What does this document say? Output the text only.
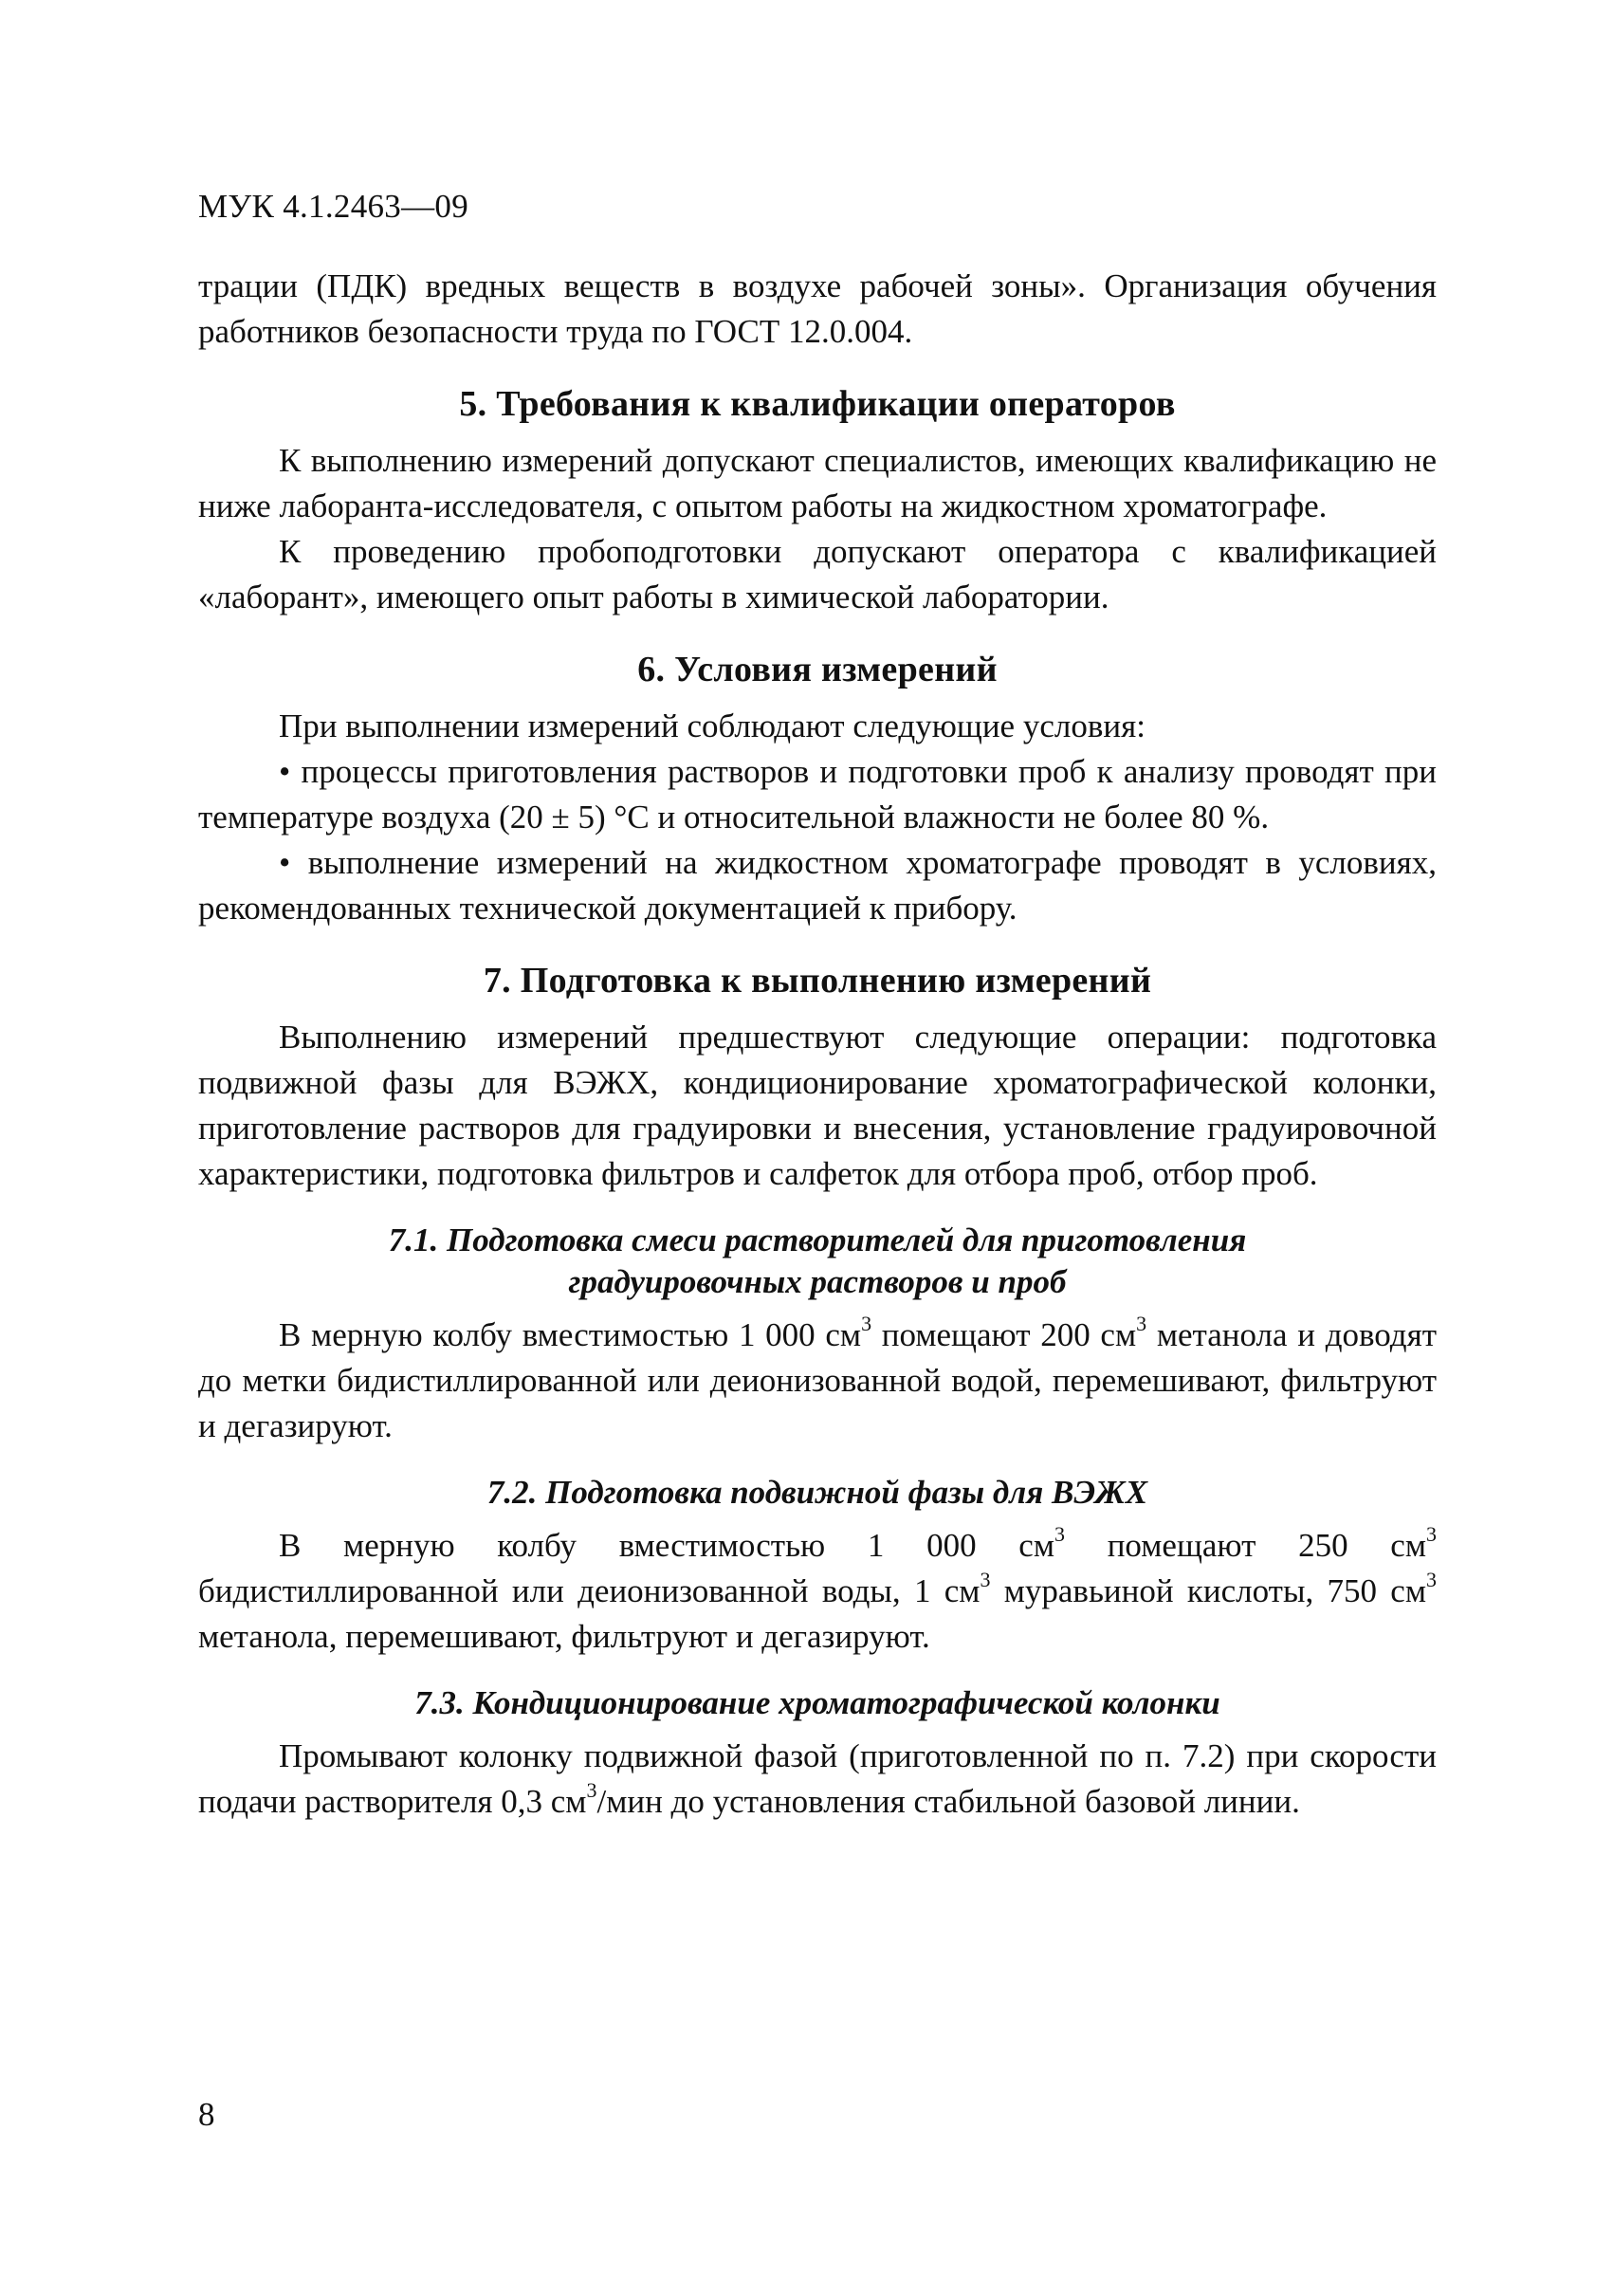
МУК 4.1.2463—09

трации (ПДК) вредных веществ в воздухе рабочей зоны». Организация обучения работников безопасности труда по ГОСТ 12.0.004.

5. Требования к квалификации операторов

К выполнению измерений допускают специалистов, имеющих квалификацию не ниже лаборанта-исследователя, с опытом работы на жидкостном хроматографе.

К проведению пробоподготовки допускают оператора с квалификацией «лаборант», имеющего опыт работы в химической лаборатории.

6. Условия измерений

При выполнении измерений соблюдают следующие условия:

• процессы приготовления растворов и подготовки проб к анализу проводят при температуре воздуха (20 ± 5) °С и относительной влажности не более 80 %.

• выполнение измерений на жидкостном хроматографе проводят в условиях, рекомендованных технической документацией к прибору.

7. Подготовка к выполнению измерений

Выполнению измерений предшествуют следующие операции: подготовка подвижной фазы для ВЭЖХ, кондиционирование хроматографической колонки, приготовление растворов для градуировки и внесения, установление градуировочной характеристики, подготовка фильтров и салфеток для отбора проб, отбор проб.

7.1. Подготовка смеси растворителей для приготовления
градуировочных растворов и проб

В мерную колбу вместимостью 1 000 $см^3$ помещают 200 $см^3$ метанола и доводят до метки бидистиллированной или деионизованной водой, перемешивают, фильтруют и дегазируют.

7.2. Подготовка подвижной фазы для ВЭЖХ

В мерную колбу вместимостью 1 000 $см^3$ помещают 250 $см^3$ бидистиллированной или деионизованной воды, 1 $см^3$ муравьиной кислоты, 750 $см^3$ метанола, перемешивают, фильтруют и дегазируют.

7.3. Кондиционирование хроматографической колонки

Промывают колонку подвижной фазой (приготовленной по п. 7.2) при скорости подачи растворителя 0,3 $см^3$/мин до установления стабильной базовой линии.

8
